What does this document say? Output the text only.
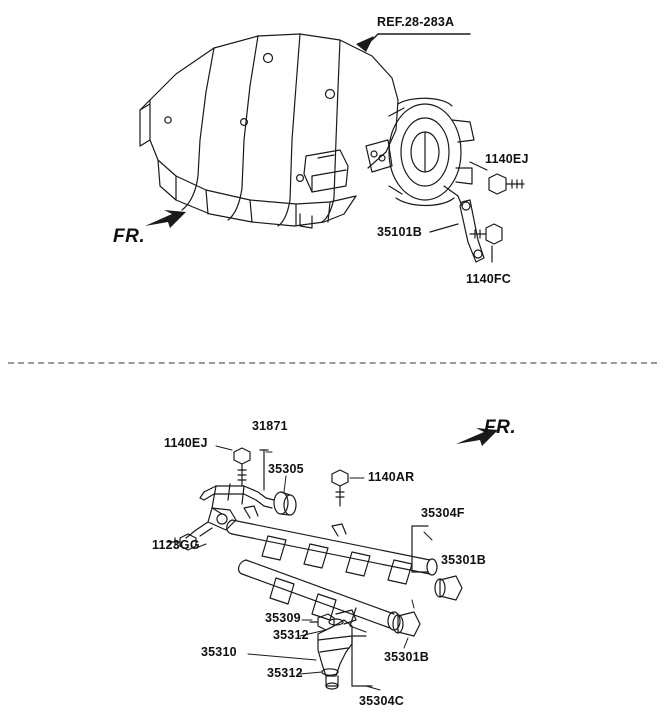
REF.28-283A
1140EJ
35101B
1140FC
FR.
1140EJ
31871
35305
1140AR
35304F
35301B
1123GG
35309
35312
35310
35312
35301B
35304C
FR.
